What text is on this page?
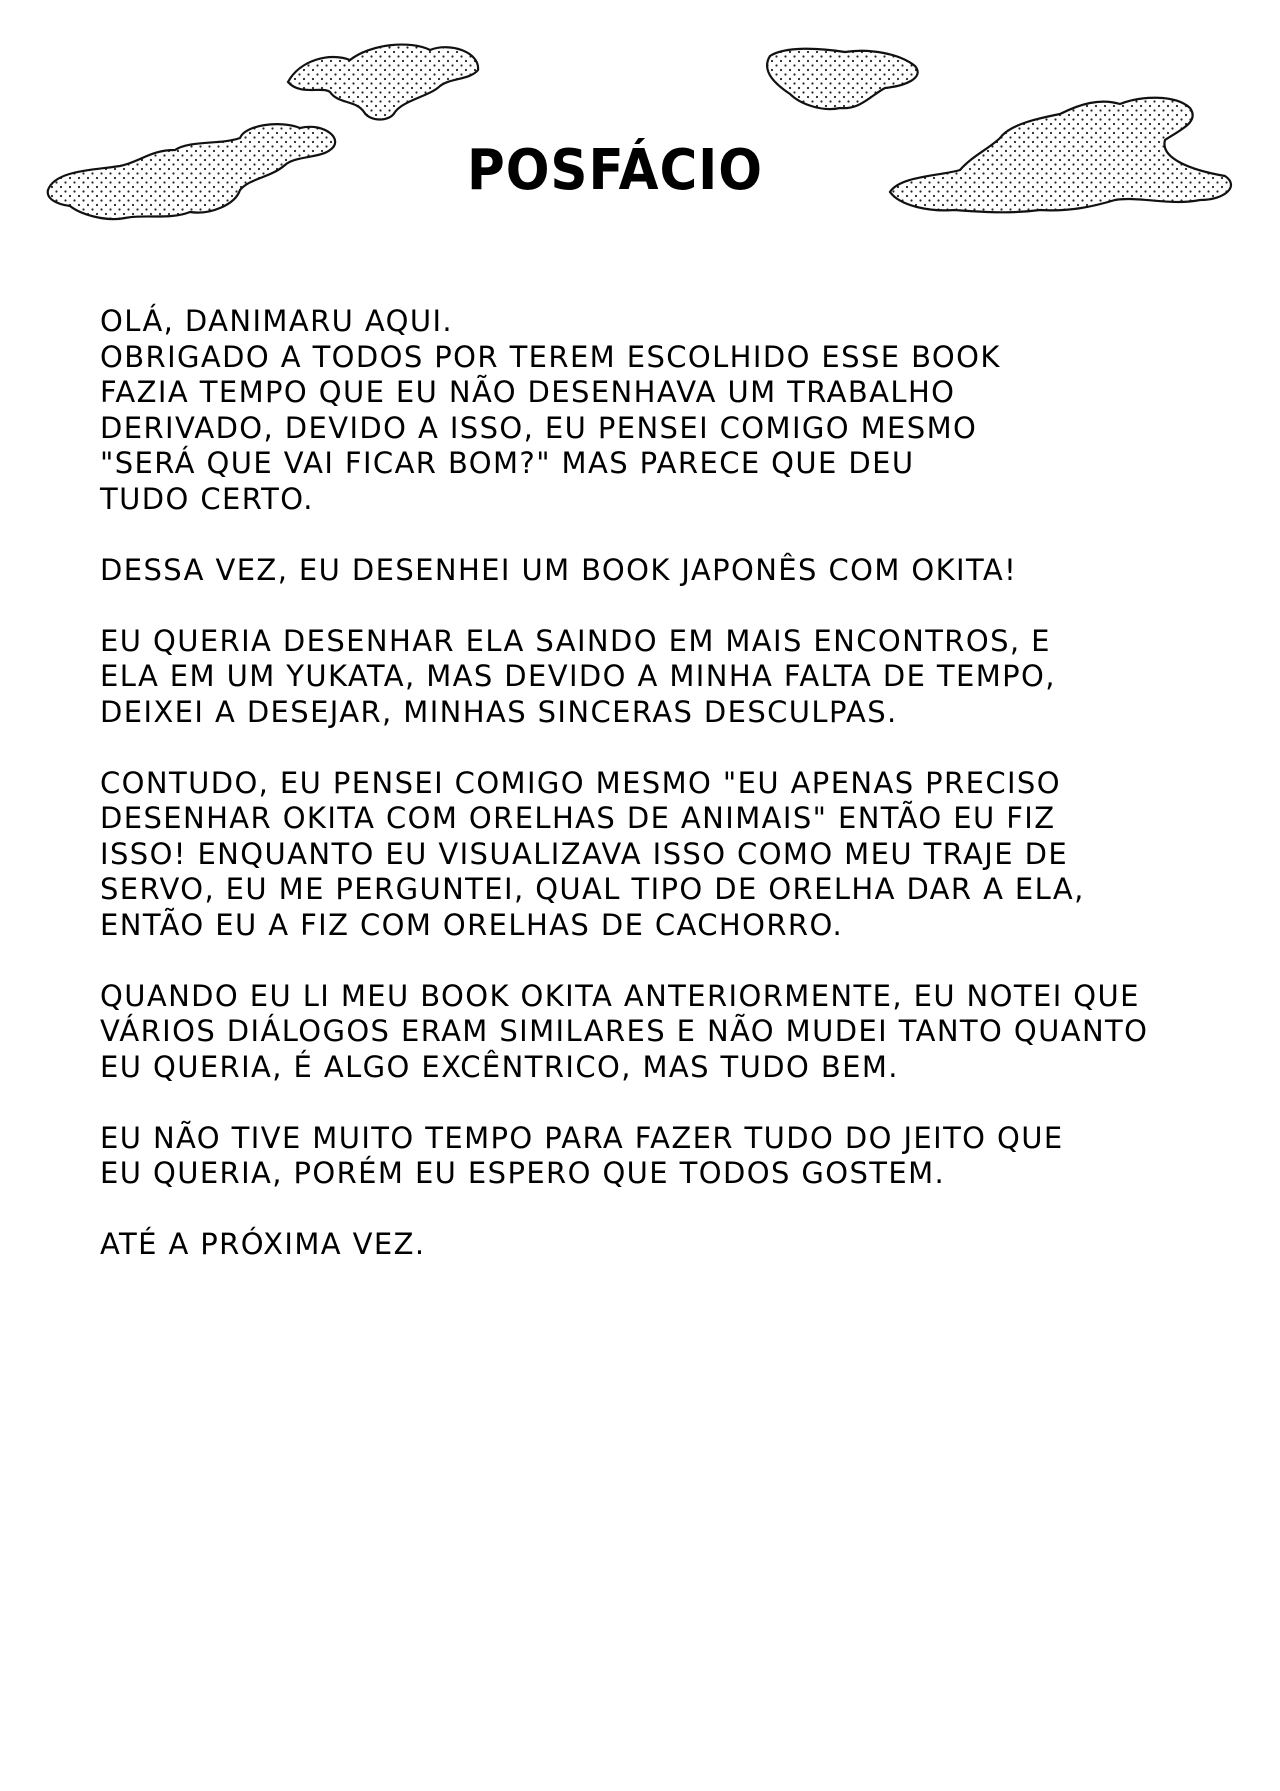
POSFÁCIO
OLÁ, DANIMARU AQUI.
OBRIGADO A TODOS POR TEREM ESCOLHIDO ESSE BOOK
FAZIA TEMPO QUE EU NÃO DESENHAVA UM TRABALHO
DERIVADO, DEVIDO A ISSO, EU PENSEI COMIGO MESMO
"SERÁ QUE VAI FICAR BOM?" MAS PARECE QUE DEU
TUDO CERTO.
DESSA VEZ, EU DESENHEI UM BOOK JAPONÊS COM OKITA!
EU QUERIA DESENHAR ELA SAINDO EM MAIS ENCONTROS, E
ELA EM UM YUKATA, MAS DEVIDO A MINHA FALTA DE TEMPO,
DEIXEI A DESEJAR, MINHAS SINCERAS DESCULPAS.
CONTUDO, EU PENSEI COMIGO MESMO "EU APENAS PRECISO
DESENHAR OKITA COM ORELHAS DE ANIMAIS" ENTÃO EU FIZ
ISSO! ENQUANTO EU VISUALIZAVA ISSO COMO MEU TRAJE DE
SERVO, EU ME PERGUNTEI, QUAL TIPO DE ORELHA DAR A ELA,
ENTÃO EU A FIZ COM ORELHAS DE CACHORRO.
QUANDO EU LI MEU BOOK OKITA ANTERIORMENTE, EU NOTEI QUE
VÁRIOS DIÁLOGOS ERAM SIMILARES E NÃO MUDEI TANTO QUANTO
EU QUERIA, É ALGO EXCÊNTRICO, MAS TUDO BEM.
EU NÃO TIVE MUITO TEMPO PARA FAZER TUDO DO JEITO QUE
EU QUERIA, PORÉM EU ESPERO QUE TODOS GOSTEM.
ATÉ A PRÓXIMA VEZ.
